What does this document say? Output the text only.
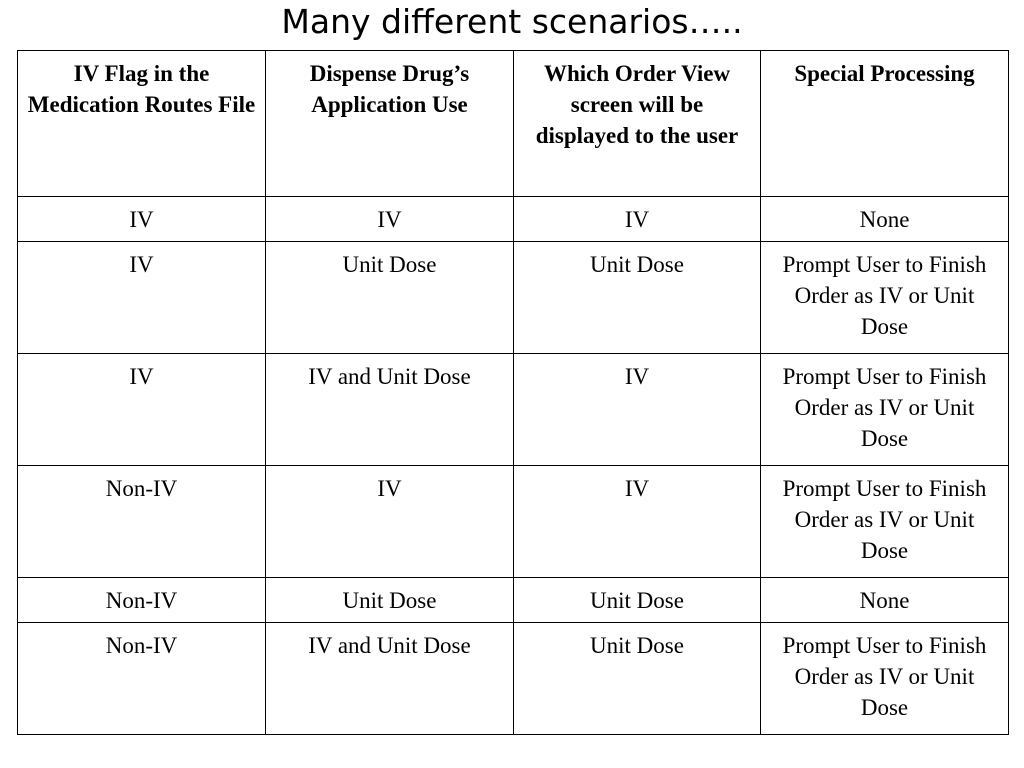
Many different scenarios…..
IV Flag in the Medication Routes File	Dispense Drug’s Application Use	Which Order View screen will be displayed to the user	Special Processing
IV	IV	IV	None
IV	Unit Dose	Unit Dose	Prompt User to Finish Order as IV or Unit Dose
IV	IV and Unit Dose	IV	Prompt User to Finish Order as IV or Unit Dose
Non-IV	IV	IV	Prompt User to Finish Order as IV or Unit Dose
Non-IV	Unit Dose	Unit Dose	None
Non-IV	IV and Unit Dose	Unit Dose	Prompt User to Finish Order as IV or Unit Dose
